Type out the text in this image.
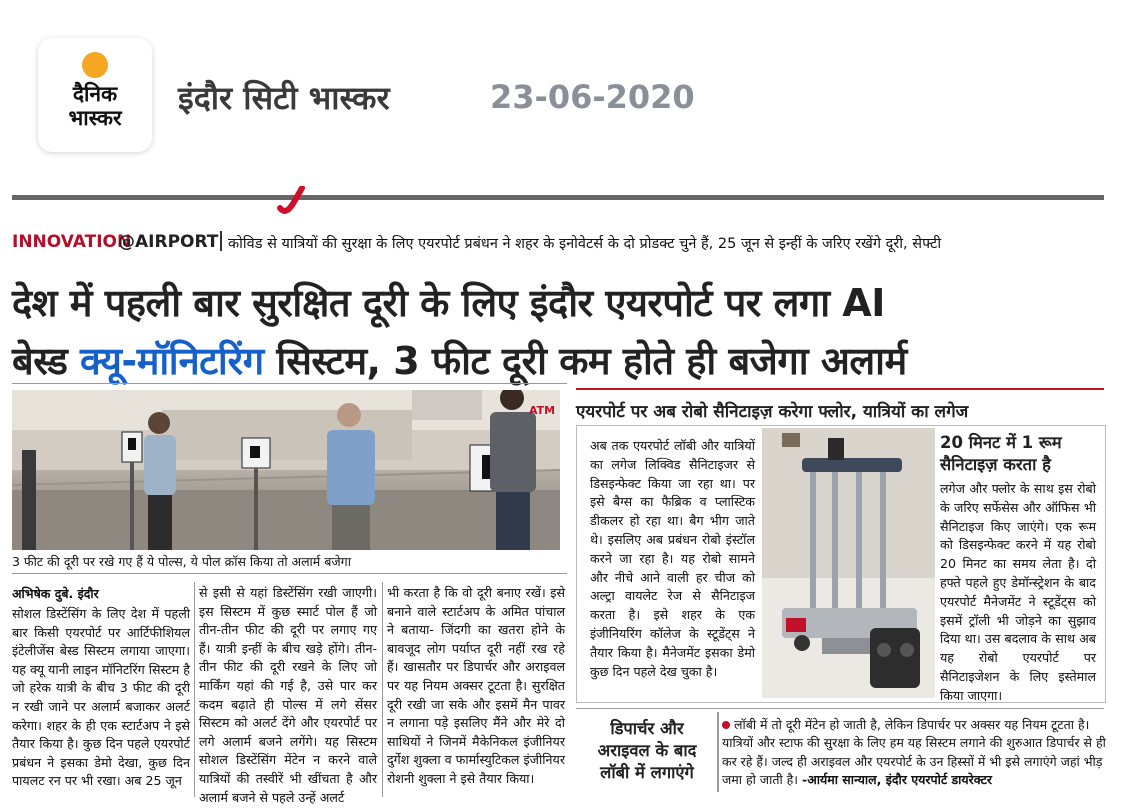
दैनिक
भास्कर
इंदौर सिटी भास्कर	23-06-2020
INNOVATION
@AIRPORT कोविड से यात्रियों की सुरक्षा के लिए एयरपोर्ट प्रबंधन ने शहर के इनोवेटर्स के दो प्रोडक्ट चुने हैं, 25 जून से इन्हीं के जरिए रखेंगे दूरी, सेफ्टी
देश में पहली बार सुरक्षित दूरी के लिए इंदौर एयरपोर्ट पर लगा AI
बेस्ड क्यू-मॉनिटरिंग सिस्टम, 3 फीट दूरी कम होते ही बजेगा अलार्म
ATM
3 फीट की दूरी पर रखे गए हैं ये पोल्स, ये पोल क्रॉस किया तो अलार्म बजेगा
अभिषेक दुबे. इंदौर
सोशल डिस्टेंसिंग के लिए देश में पहली बार किसी एयरपोर्ट पर आर्टिफीशियल इंटेलीजेंस बेस्ड सिस्टम लगाया जाएगा। यह क्यू यानी लाइन मॉनिटरिंग सिस्टम है जो हरेक यात्री के बीच 3 फीट की दूरी न रखी जाने पर अलार्म बजाकर अलर्ट करेगा। शहर के ही एक स्टार्टअप ने इसे तैयार किया है। कुछ दिन पहले एयरपोर्ट प्रबंधन ने इसका डेमो देखा, कुछ दिन पायलट रन पर भी रखा। अब 25 जून
से इसी से यहां डिस्टेंसिंग रखी जाएगी। इस सिस्टम में कुछ स्मार्ट पोल हैं जो तीन-तीन फीट की दूरी पर लगाए गए हैं। यात्री इन्हीं के बीच खड़े होंगे। तीन-तीन फीट की दूरी रखने के लिए जो मार्किंग यहां की गई है, उसे पार कर कदम बढ़ाते ही पोल्स में लगे सेंसर सिस्टम को अलर्ट देंगे और एयरपोर्ट पर लगे अलार्म बजने लगेंगे। यह सिस्टम सोशल डिस्टेंसिंग मेंटेन न करने वाले यात्रियों की तस्वीरें भी खींचता है और अलार्म बजने से पहले उन्हें अलर्ट
भी करता है कि वो दूरी बनाए रखें। इसे बनाने वाले स्टार्टअप के अमित पांचाल ने बताया- जिंदगी का खतरा होने के बावजूद लोग पर्याप्त दूरी नहीं रख रहे हैं। खासतौर पर डिपार्चर और अराइवल पर यह नियम अक्सर टूटता है। सुरक्षित दूरी रखी जा सके और इसमें मैन पावर न लगाना पड़े इसलिए मैंने और मेरे दो साथियों ने जिनमें मैकेनिकल इंजीनियर दुर्गेश शुक्ला व फार्मास्युटिकल इंजीनियर रोशनी शुक्ला ने इसे तैयार किया।
एयरपोर्ट पर अब रोबो सैनिटाइज़ करेगा फ्लोर, यात्रियों का लगेज
अब तक एयरपोर्ट लॉबी और यात्रियों का लगेज लिक्विड सैनिटाइजर से डिसइन्फेक्ट किया जा रहा था। पर इसे बैग्स का फैब्रिक व प्लास्टिक डीकलर हो रहा था। बैग भीग जाते थे। इसलिए अब प्रबंधन रोबो इंस्टॉल करने जा रहा है। यह रोबो सामने और नीचे आने वाली हर चीज को अल्ट्रा वायलेट रेज से सैनिटाइज करता है। इसे शहर के एक इंजीनियरिंग कॉलेज के स्टूडेंट्स ने तैयार किया है। मैनेजमेंट इसका डेमो कुछ दिन पहले देख चुका है।
20 मिनट में 1 रूम
सैनिटाइज़ करता है
लगेज और फ्लोर के साथ इस रोबो के जरिए सर्फेसेस और ऑफिस भी सैनिटाइज किए जाएंगे। एक रूम को डिसइन्फेक्ट करने में यह रोबो 20 मिनट का समय लेता है। दो हफ्ते पहले हुए डेमॉन्स्ट्रेशन के बाद एयरपोर्ट मैनेजमेंट ने स्टूडेंट्स को इसमें ट्रॉली भी जोड़ने का सुझाव दिया था। उस बदलाव के साथ अब यह रोबो एयरपोर्ट पर सैनिटाइजेशन के लिए इस्तेमाल किया जाएगा।
डिपार्चर और
अराइवल के बाद
लॉबी में लगाएंगे
लॉबी में तो दूरी मेंटेन हो जाती है, लेकिन डिपार्चर पर अक्सर यह नियम टूटता है। यात्रियों और स्टाफ की सुरक्षा के लिए हम यह सिस्टम लगाने की शुरुआत डिपार्चर से ही कर रहे हैं। जल्द ही अराइवल और एयरपोर्ट के उन हिस्सों में भी इसे लगाएंगे जहां भीड़ जमा हो जाती है। -आर्यमा सान्याल, इंदौर एयरपोर्ट डायरेक्टर
